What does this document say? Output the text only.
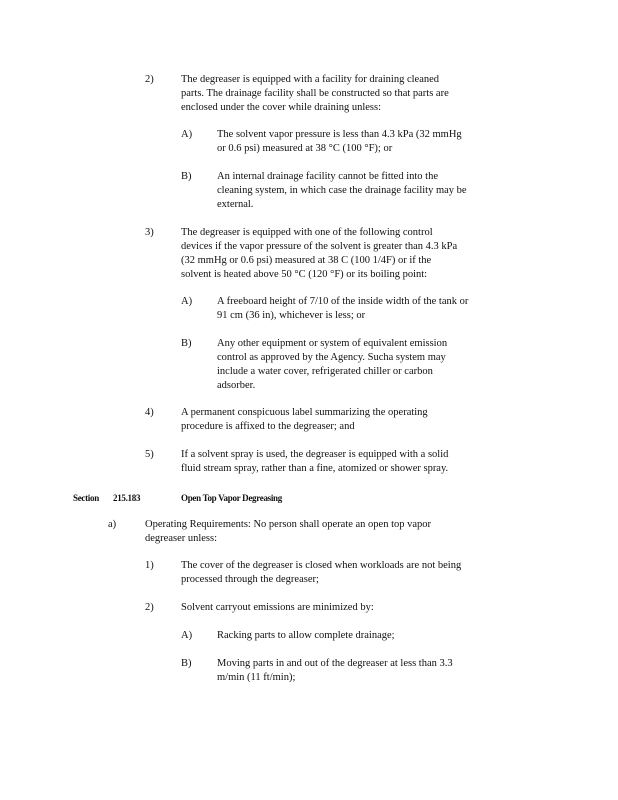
2)	The degreaser is equipped with a facility for draining cleaned
parts. The drainage facility shall be constructed so that parts are
enclosed under the cover while draining unless:
A) The solvent vapor pressure is less than 4.3 kPa (32 mmHg
or 0.6 psi) measured at 38 °C (100 °F); or
B) An internal drainage facility cannot be fitted into the
cleaning system, in which case the drainage facility may be
external.
3)	The degreaser is equipped with one of the following control
devices if the vapor pressure of the solvent is greater than 4.3 kPa
(32 mmHg or 0.6 psi) measured at 38 C (100 1/4F) or if the
solvent is heated above 50 °C (120 °F) or its boiling point:
A) A freeboard height of 7/10 of the inside width of the tank or
91 cm (36 in), whichever is less; or
B) Any other equipment or system of equivalent emission
control as approved by the Agency. Sucha system may
include a water cover, refrigerated chiller or carbon
adsorber.
4)	A permanent conspicuous label summarizing the operating
procedure is affixed to the degreaser; and
5)	If a solvent spray is used, the degreaser is equipped with a solid
fluid stream spray, rather than a fine, atomized or shower spray.
Section 215.183	Open Top Vapor Degreasing
a)	Operating Requirements: No person shall operate an open top vapor
degreaser unless:
1)	The cover of the degreaser is closed when workloads are not being
processed through the degreaser;
2)	Solvent carryout emissions are minimized by:
A) Racking parts to allow complete drainage;
B) Moving parts in and out of the degreaser at less than 3.3
m/min (11 ft/min);
